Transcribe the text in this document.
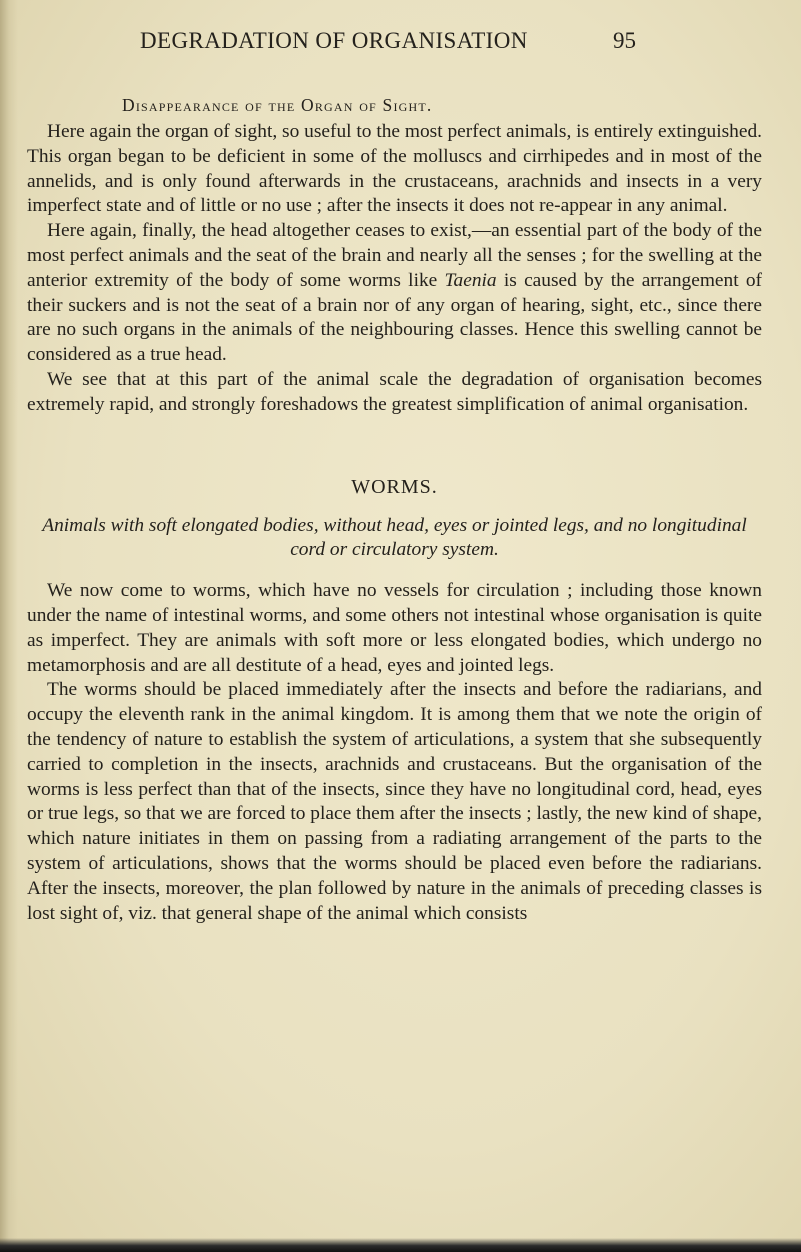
DEGRADATION OF ORGANISATION	95
Disappearance of the Organ of Sight.

Here again the organ of sight, so useful to the most perfect animals, is entirely extinguished. This organ began to be deficient in some of the molluscs and cirrhipedes and in most of the annelids, and is only found afterwards in the crustaceans, arachnids and insects in a very imperfect state and of little or no use ; after the insects it does not re-appear in any animal.

Here again, finally, the head altogether ceases to exist,—an essential part of the body of the most perfect animals and the seat of the brain and nearly all the senses ; for the swelling at the anterior extremity of the body of some worms like Taenia is caused by the arrangement of their suckers and is not the seat of a brain nor of any organ of hearing, sight, etc., since there are no such organs in the animals of the neighbouring classes. Hence this swelling cannot be considered as a true head.

We see that at this part of the animal scale the degradation of organisation becomes extremely rapid, and strongly foreshadows the greatest simplification of animal organisation.

WORMS.
Animals with soft elongated bodies, without head, eyes or jointed legs, and no longitudinal cord or circulatory system.

We now come to worms, which have no vessels for circulation ; including those known under the name of intestinal worms, and some others not intestinal whose organisation is quite as imperfect. They are animals with soft more or less elongated bodies, which undergo no metamorphosis and are all destitute of a head, eyes and jointed legs.

The worms should be placed immediately after the insects and before the radiarians, and occupy the eleventh rank in the animal kingdom. It is among them that we note the origin of the tendency of nature to establish the system of articulations, a system that she subsequently carried to completion in the insects, arachnids and crustaceans. But the organisation of the worms is less perfect than that of the insects, since they have no longitudinal cord, head, eyes or true legs, so that we are forced to place them after the insects ; lastly, the new kind of shape, which nature initiates in them on passing from a radiating arrangement of the parts to the system of articulations, shows that the worms should be placed even before the radiarians. After the insects, moreover, the plan followed by nature in the animals of preceding classes is lost sight of, viz. that general shape of the animal which consists
